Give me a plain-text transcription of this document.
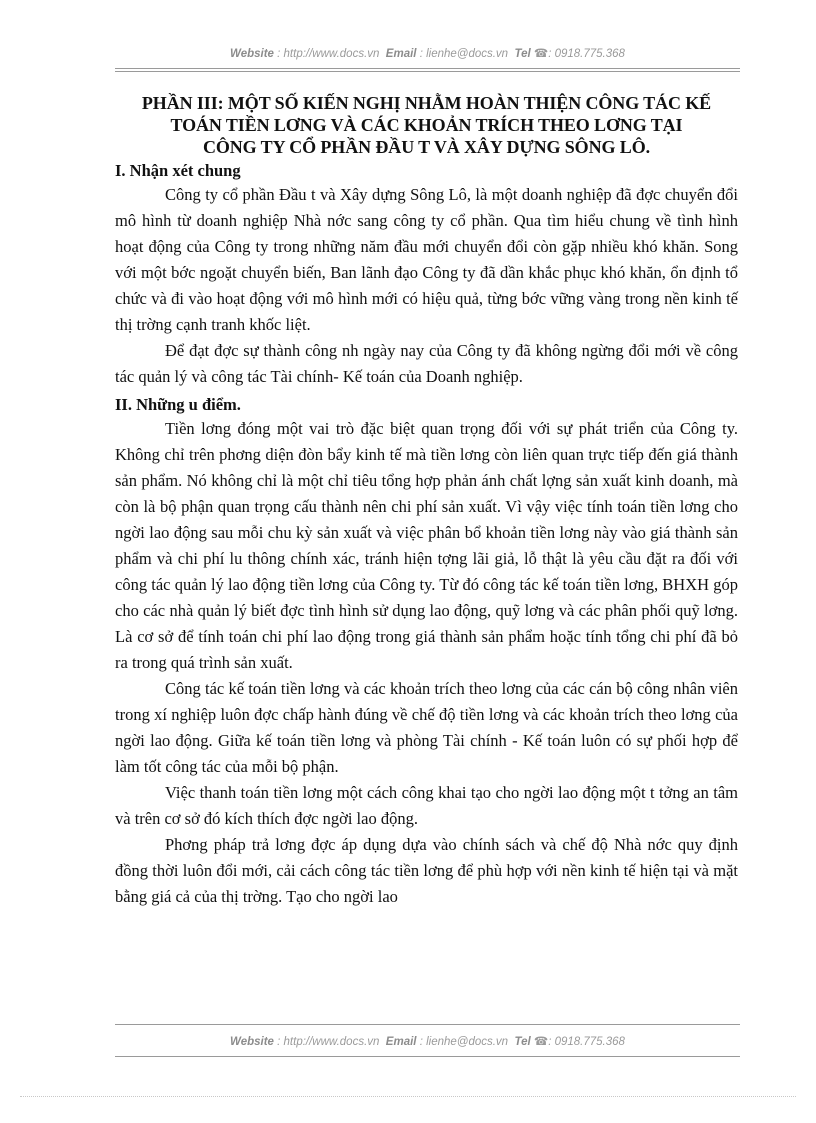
Website : http://www.docs.vn Email : lienhe@docs.vn Tel ☎: 0918.775.368
PHẦN III: MỘT SỐ KIẾN NGHỊ NHẰM HOÀN THIỆN CÔNG TÁC KẾ
TOÁN TIỀN LƠNG VÀ CÁC KHOẢN TRÍCH THEO LƠNG TẠI
CÔNG TY CỔ PHẦN ĐẦU T VÀ XÂY DỰNG SÔNG LÔ.
I. Nhận xét chung

Công ty cổ phần Đầu t và Xây dựng Sông Lô, là một doanh nghiệp đã đợc chuyển đổi mô hình từ doanh nghiệp Nhà nớc sang công ty cổ phần. Qua tìm hiểu chung về tình hình hoạt động của Công ty trong những năm đầu mới chuyển đổi còn gặp nhiều khó khăn. Song với một bớc ngoặt chuyển biến, Ban lãnh đạo Công ty đã dần khắc phục khó khăn, ổn định tổ chức và đi vào hoạt động với mô hình mới có hiệu quả, từng bớc vững vàng trong nền kinh tế thị trờng cạnh tranh khốc liệt.

Để đạt đợc sự thành công nh ngày nay của Công ty đã không ngừng đổi mới về công tác quản lý và công tác Tài chính- Kế toán của Doanh nghiệp.

II. Những u điểm.

Tiền lơng đóng một vai trò đặc biệt quan trọng đối với sự phát triển của Công ty. Không chỉ trên phơng diện đòn bẩy kinh tế mà tiền lơng còn liên quan trực tiếp đến giá thành sản phẩm. Nó không chỉ là một chỉ tiêu tổng hợp phản ánh chất lợng sản xuất kinh doanh, mà còn là bộ phận quan trọng cấu thành nên chi phí sản xuất. Vì vậy việc tính toán tiền lơng cho ngời lao động sau mỗi chu kỳ sản xuất và việc phân bổ khoản tiền lơng này vào giá thành sản phẩm và chi phí lu thông chính xác, tránh hiện tợng lãi giả, lỗ thật là yêu cầu đặt ra đối với công tác quản lý lao động tiền lơng của Công ty. Từ đó công tác kế toán tiền lơng, BHXH góp cho các nhà quản lý biết đợc tình hình sử dụng lao động, quỹ lơng và các phân phối quỹ lơng. Là cơ sở để tính toán chi phí lao động trong giá thành sản phẩm hoặc tính tổng chi phí đã bỏ ra trong quá trình sản xuất.

Công tác kế toán tiền lơng và các khoản trích theo lơng của các cán bộ công nhân viên trong xí nghiệp luôn đợc chấp hành đúng về chế độ tiền lơng và các khoản trích theo lơng của ngời lao động. Giữa kế toán tiền lơng và phòng Tài chính - Kế toán luôn có sự phối hợp để làm tốt công tác của mỗi bộ phận.

Việc thanh toán tiền lơng một cách công khai tạo cho ngời lao động một t tởng an tâm và trên cơ sở đó kích thích đợc ngời lao động.

Phơng pháp trả lơng đợc áp dụng dựa vào chính sách và chế độ Nhà nớc quy định đồng thời luôn đổi mới, cải cách công tác tiền lơng để phù hợp với nền kinh tế hiện tại và mặt bằng giá cả của thị trờng. Tạo cho ngời lao

Website : http://www.docs.vn Email : lienhe@docs.vn Tel ☎: 0918.775.368
